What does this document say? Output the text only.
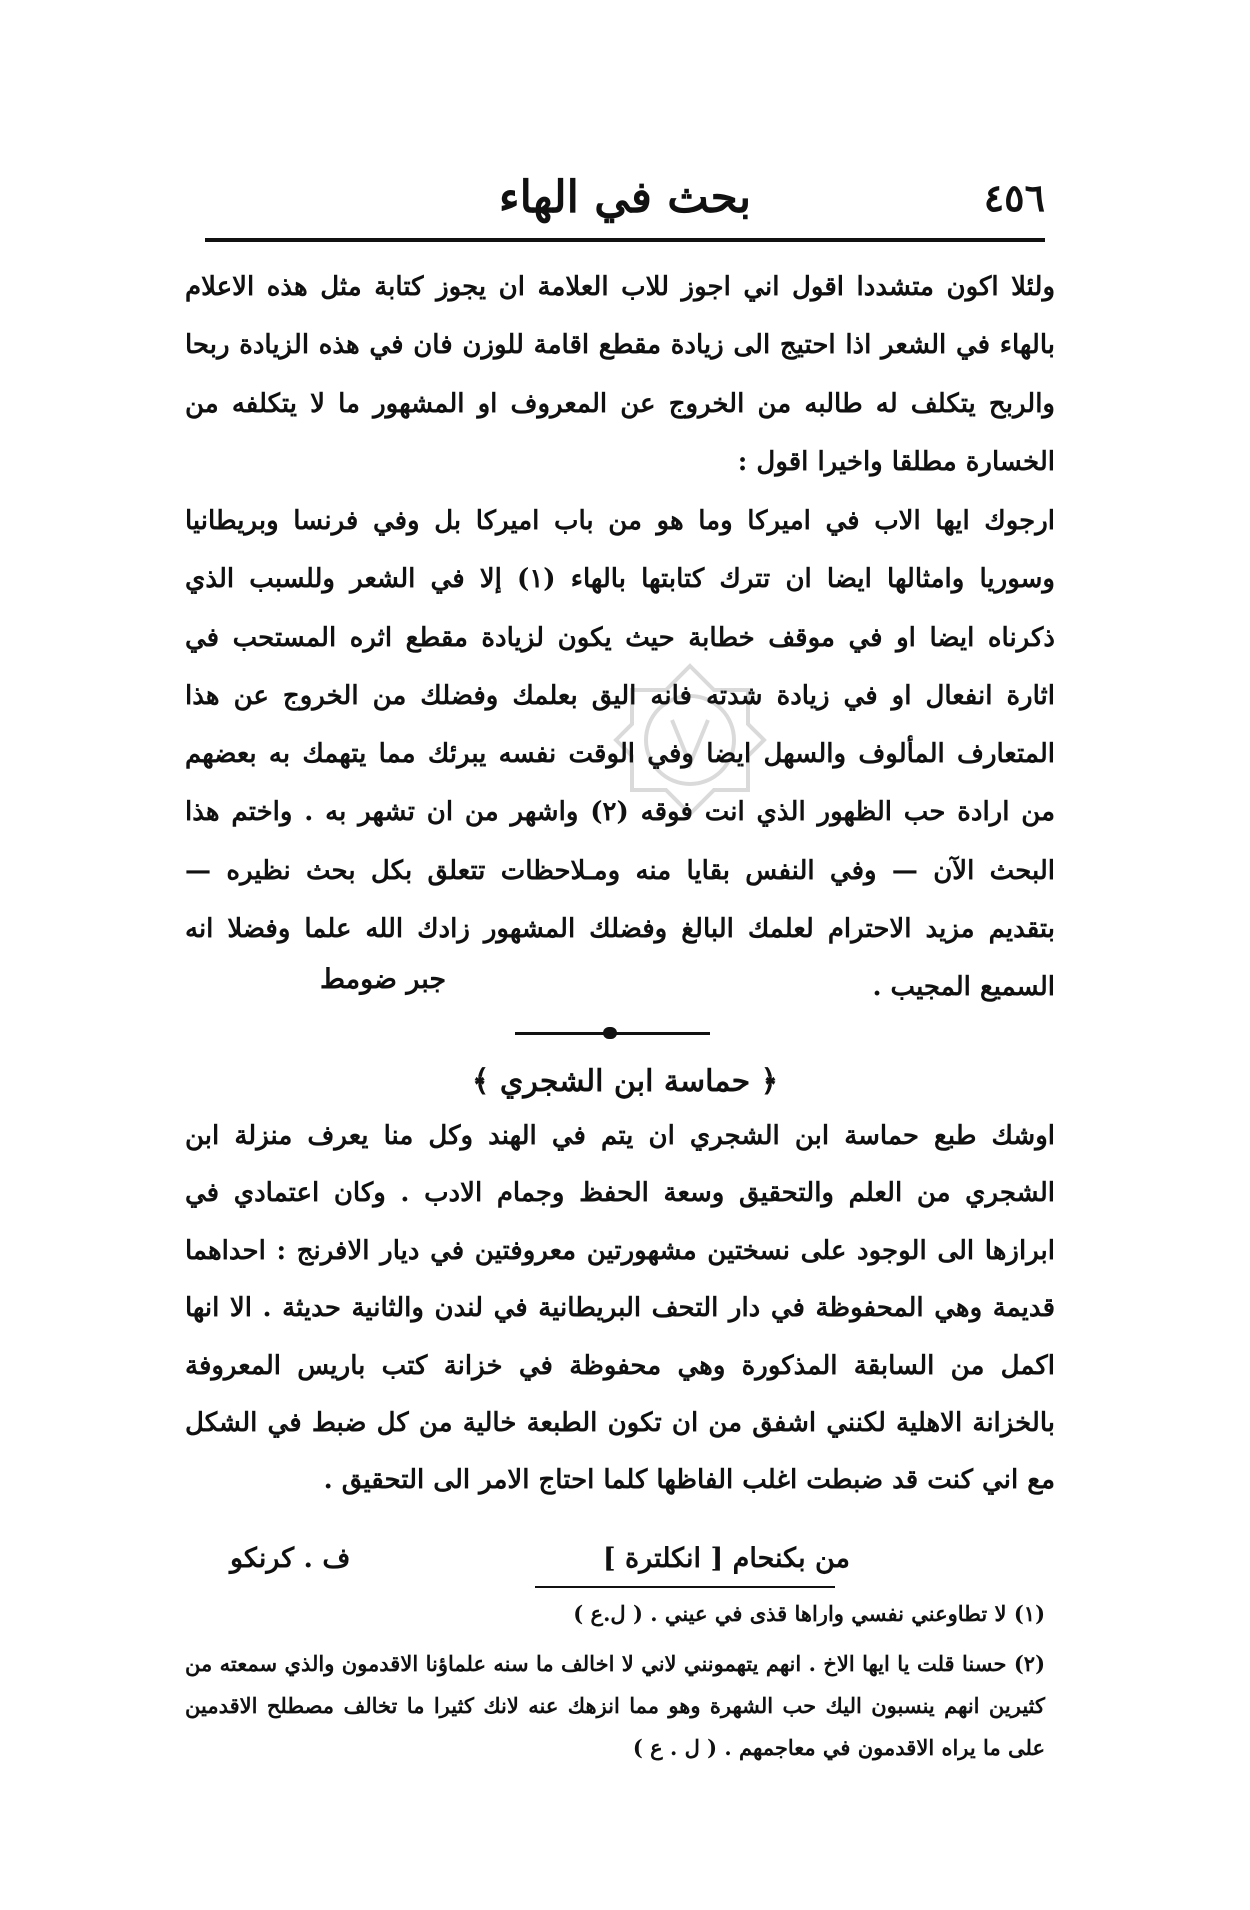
٤٥٦
بحث في الهاء

ولئلا اكون متشددا اقول اني اجوز للاب العلامة ان يجوز كتابة مثل هذه الاعلام بالهاء في الشعر اذا احتيج الى زيادة مقطع اقامة للوزن فان في هذه الزيادة ربحا والربح يتكلف له طالبه من الخروج عن المعروف او المشهور ما لا يتكلفه من الخسارة مطلقا واخيرا اقول :

ارجوك ايها الاب في اميركا وما هو من باب اميركا بل وفي فرنسا وبريطانيا وسوريا وامثالها ايضا ان تترك كتابتها بالهاء (١) إلا في الشعر وللسبب الذي ذكرناه ايضا او في موقف خطابة حيث يكون لزيادة مقطع اثره المستحب في اثارة انفعال او في زيادة شدته فانه اليق بعلمك وفضلك من الخروج عن هذا المتعارف المألوف والسهل ايضا وفي الوقت نفسه يبرئك مما يتهمك به بعضهم من ارادة حب الظهور الذي انت فوقه (٢) واشهر من ان تشهر به . واختم هذا البحث الآن — وفي النفس بقايا منه ومـلاحظات تتعلق بكل بحث نظيره — بتقديم مزيد الاحترام لعلمك البالغ وفضلك المشهور زادك الله علما وفضلا انه السميع المجيب .

جبر ضومط
﴿ حماسة ابن الشجري ﴾

اوشك طبع حماسة ابن الشجري ان يتم في الهند وكل منا يعرف منزلة ابن الشجري من العلم والتحقيق وسعة الحفظ وجمام الادب . وكان اعتمادي في ابرازها الى الوجود على نسختين مشهورتين معروفتين في ديار الافرنج : احداهما قديمة وهي المحفوظة في دار التحف البريطانية في لندن والثانية حديثة . الا انها اكمل من السابقة المذكورة وهي محفوظة في خزانة كتب باريس المعروفة بالخزانة الاهلية لكنني اشفق من ان تكون الطبعة خالية من كل ضبط في الشكل مع اني كنت قد ضبطت اغلب الفاظها كلما احتاج الامر الى التحقيق .

من بكنحام [ انكلترة ]
ف . كرنكو

(١) لا تطاوعني نفسي واراها قذى في عيني . ( ل.ع )

(٢) حسنا قلت يا ايها الاخ . انهم يتهمونني لاني لا اخالف ما سنه علماؤنا الاقدمون والذي سمعته من كثيرين انهم ينسبون اليك حب الشهرة وهو مما انزهك عنه لانك كثيرا ما تخالف مصطلح الاقدمين على ما يراه الاقدمون في معاجمهم . ( ل . ع )
